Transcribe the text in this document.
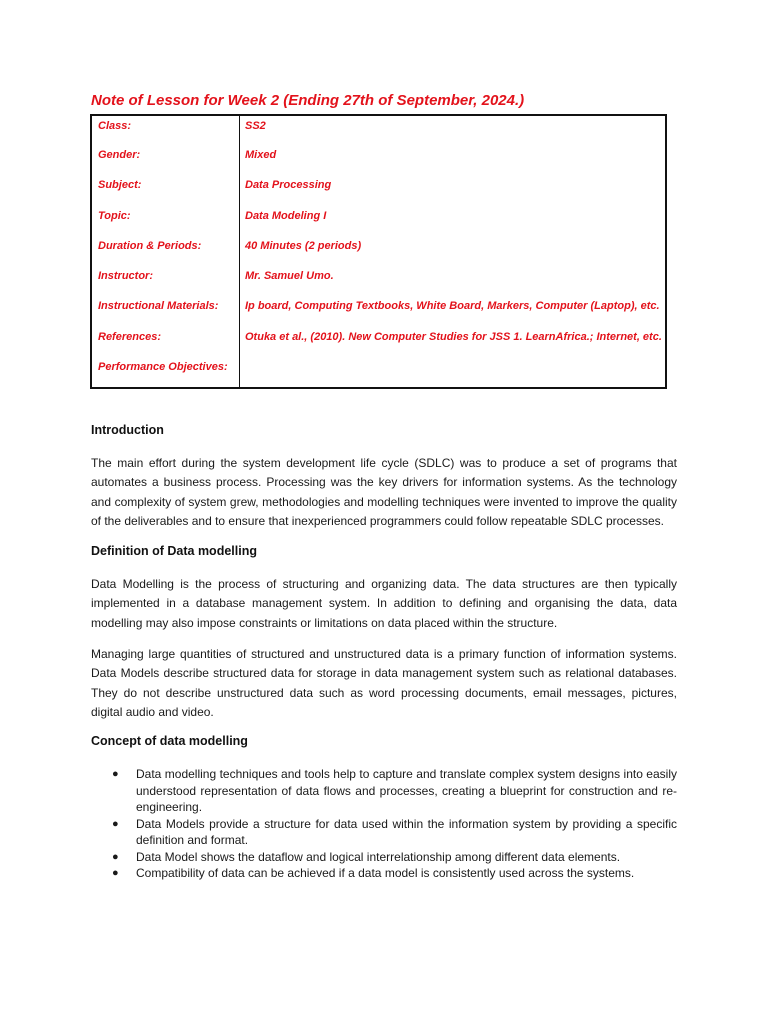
Note of Lesson for Week 2 (Ending 27th of September, 2024.)
Class:	SS2
Gender:	Mixed
Subject:	Data Processing
Topic:	Data Modeling I
Duration & Periods:	40 Minutes (2 periods)
Instructor:	Mr. Samuel Umo.
Instructional Materials: Ip board, Computing Textbooks, White Board, Markers, Computer (Laptop), etc.
References:	Otuka et al., (2010). New Computer Studies for JSS 1. LearnAfrica.; Internet, etc.
Performance Objectives:
Introduction
The main effort during the system development life cycle (SDLC) was to produce a set of programs that automates a business process. Processing was the key drivers for information systems. As the technology and complexity of system grew, methodologies and modelling techniques were invented to improve the quality of the deliverables and to ensure that inexperienced programmers could follow repeatable SDLC processes.
Definition of Data modelling
Data Modelling is the process of structuring and organizing data. The data structures are then typically implemented in a database management system. In addition to defining and organising the data, data modelling may also impose constraints or limitations on data placed within the structure.
Managing large quantities of structured and unstructured data is a primary function of information systems. Data Models describe structured data for storage in data management system such as relational databases. They do not describe unstructured data such as word processing documents, email messages, pictures, digital audio and video.
Concept of data modelling
● Data modelling techniques and tools help to capture and translate complex system designs into easily understood representation of data flows and processes, creating a blueprint for construction and re-engineering.
● Data Models provide a structure for data used within the information system by providing a specific definition and format.
● Data Model shows the dataflow and logical interrelationship among different data elements.
● Compatibility of data can be achieved if a data model is consistently used across the systems.
